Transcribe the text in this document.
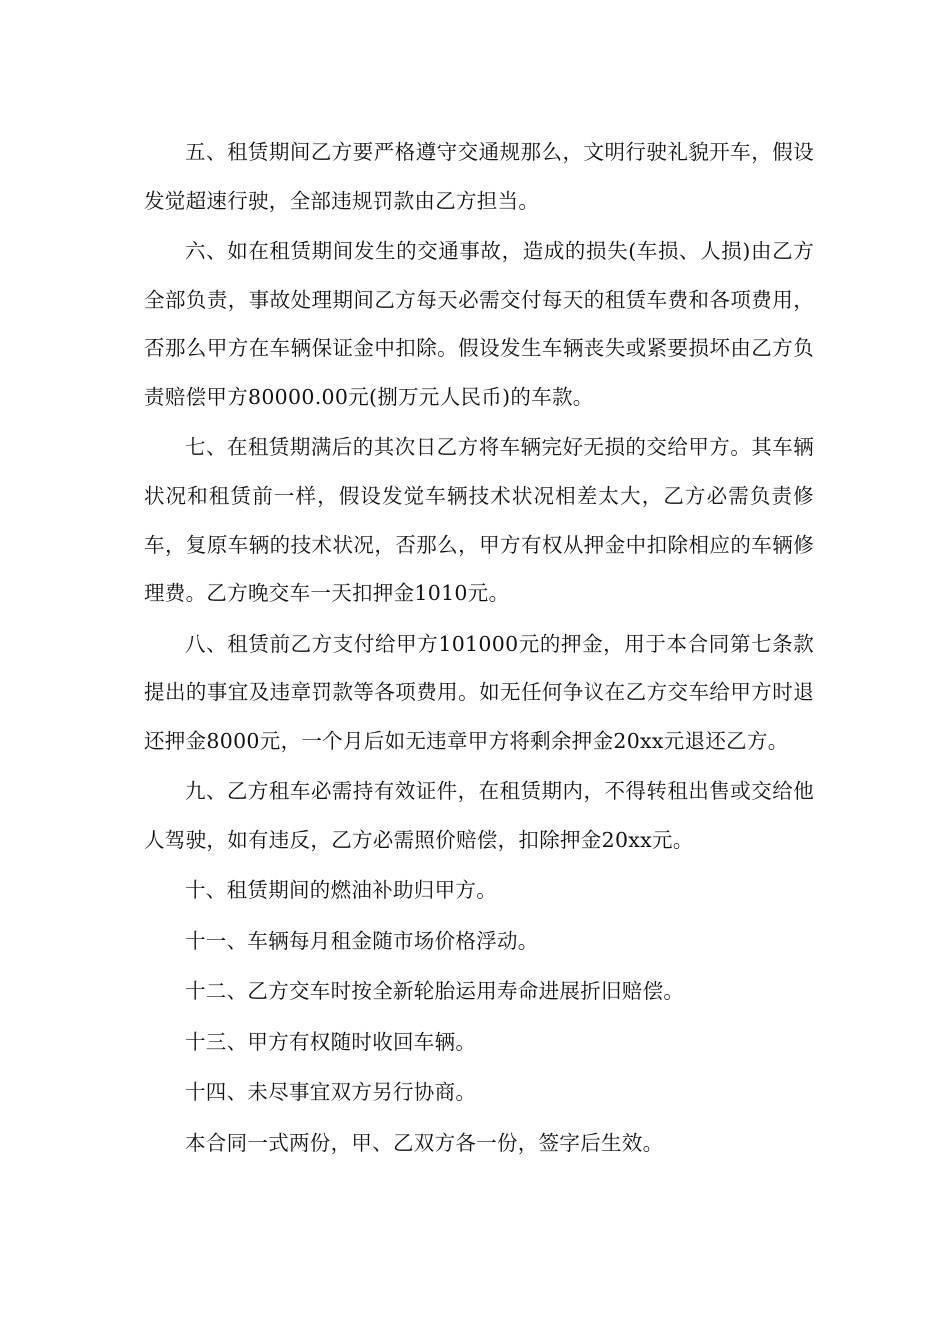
五、租赁期间乙方要严格遵守交通规那么，文明行驶礼貌开车，假设发觉超速行驶，全部违规罚款由乙方担当。

六、如在租赁期间发生的交通事故，造成的损失(车损、人损)由乙方全部负责，事故处理期间乙方每天必需交付每天的租赁车费和各项费用，否那么甲方在车辆保证金中扣除。假设发生车辆丧失或紧要损坏由乙方负责赔偿甲方80000.00元(捌万元人民币)的车款。

七、在租赁期满后的其次日乙方将车辆完好无损的交给甲方。其车辆状况和租赁前一样，假设发觉车辆技术状况相差太大，乙方必需负责修车，复原车辆的技术状况，否那么，甲方有权从押金中扣除相应的车辆修理费。乙方晚交车一天扣押金1010元。

八、租赁前乙方支付给甲方101000元的押金，用于本合同第七条款提出的事宜及违章罚款等各项费用。如无任何争议在乙方交车给甲方时退还押金8000元，一个月后如无违章甲方将剩余押金20xx元退还乙方。

九、乙方租车必需持有效证件，在租赁期内，不得转租出售或交给他人驾驶，如有违反，乙方必需照价赔偿，扣除押金20xx元。

十、租赁期间的燃油补助归甲方。

十一、车辆每月租金随市场价格浮动。

十二、乙方交车时按全新轮胎运用寿命进展折旧赔偿。

十三、甲方有权随时收回车辆。

十四、未尽事宜双方另行协商。

本合同一式两份，甲、乙双方各一份，签字后生效。
